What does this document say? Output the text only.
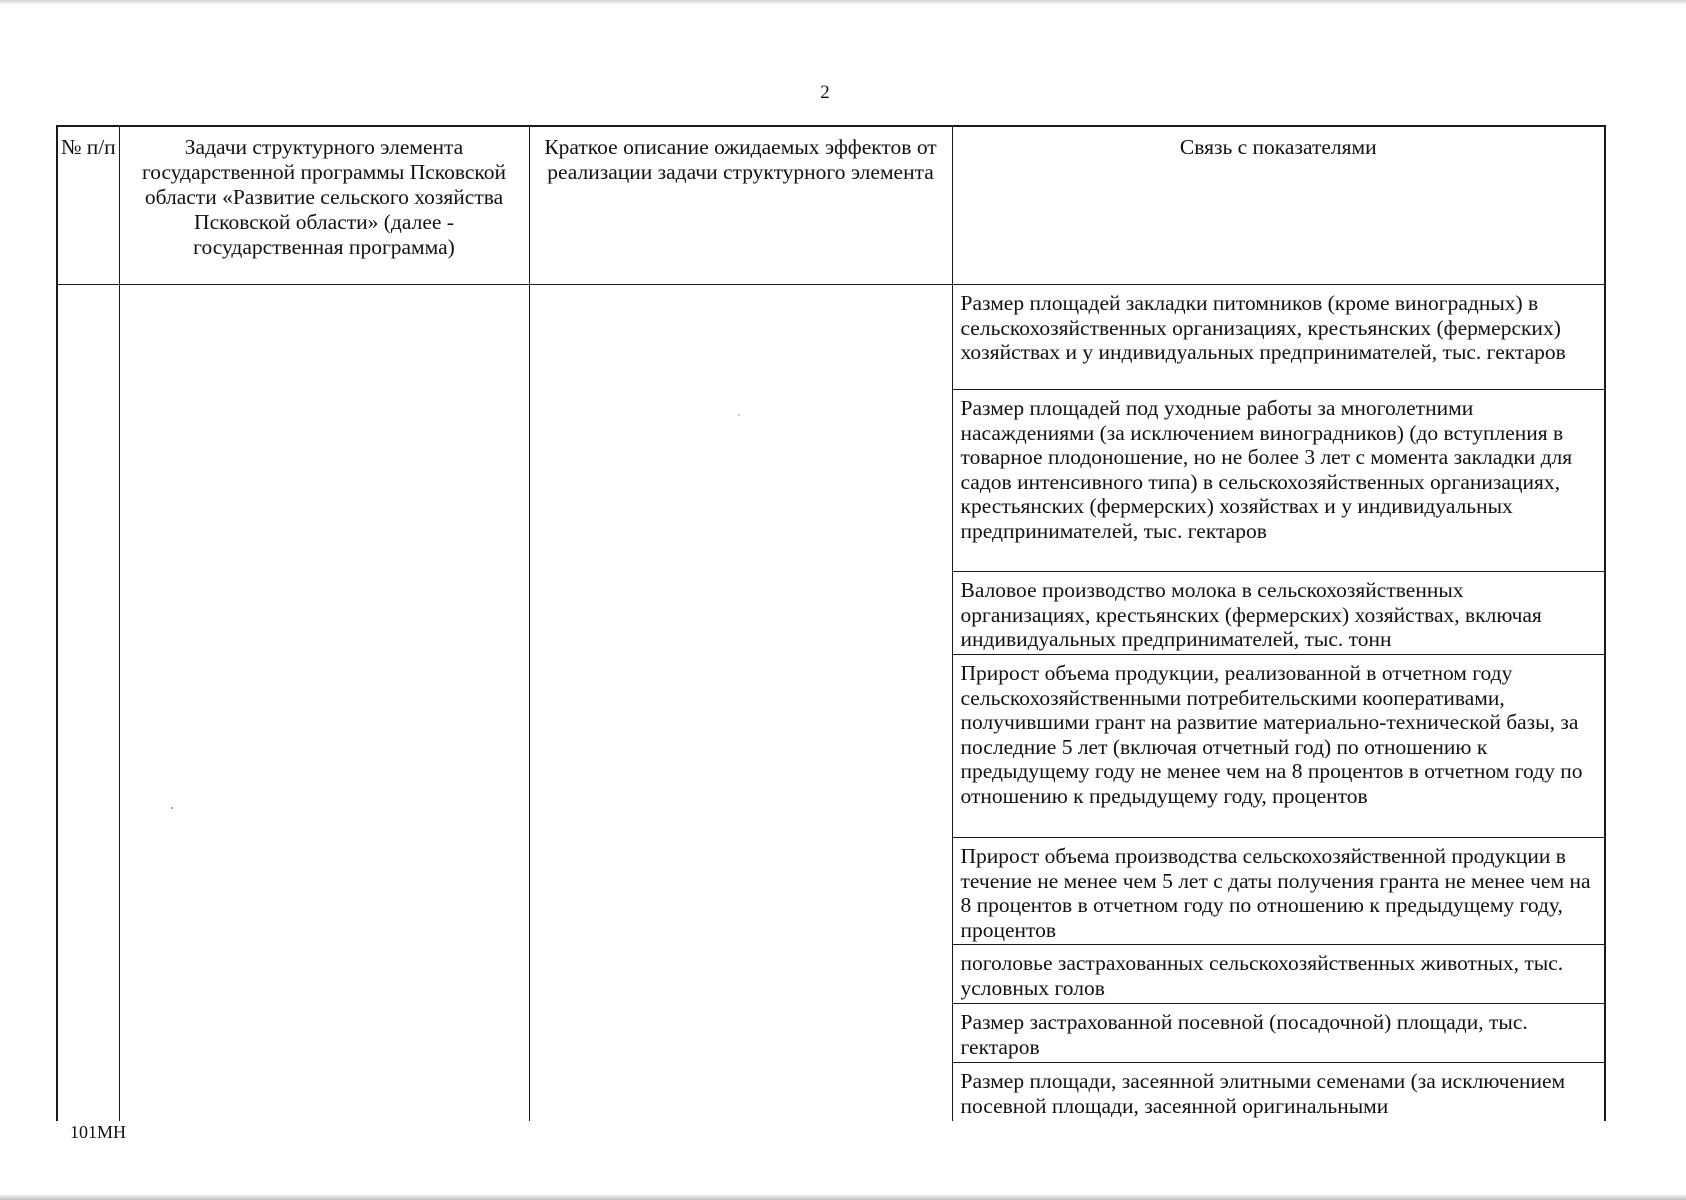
2
№ п/п	Задачи структурного элемента государственной программы Псковской области «Развитие сельского хозяйства Псковской области» (далее - государственная программа)	Краткое описание ожидаемых эффектов от реализации задачи структурного элемента	Связь с показателями
			Размер площадей закладки питомников (кроме виноградных) в сельскохозяйственных организациях, крестьянских (фермерских) хозяйствах и у индивидуальных предпринимателей, тыс. гектаров
			Размер площадей под уходные работы за многолетними насаждениями (за исключением виноградников) (до вступления в товарное плодоношение, но не более 3 лет с момента закладки для садов интенсивного типа) в сельскохозяйственных организациях, крестьянских (фермерских) хозяйствах и у индивидуальных предпринимателей, тыс. гектаров
			Валовое производство молока в сельскохозяйственных организациях, крестьянских (фермерских) хозяйствах, включая индивидуальных предпринимателей, тыс. тонн
			Прирост объема продукции, реализованной в отчетном году сельскохозяйственными потребительскими кооперативами, получившими грант на развитие материально-технической базы, за последние 5 лет (включая отчетный год) по отношению к предыдущему году не менее чем на 8 процентов в отчетном году по отношению к предыдущему году, процентов
			Прирост объема производства сельскохозяйственной продукции в течение не менее чем 5 лет с даты получения гранта не менее чем на 8 процентов в отчетном году по отношению к предыдущему году, процентов
			поголовье застрахованных сельскохозяйственных животных, тыс. условных голов
			Размер застрахованной посевной (посадочной) площади, тыс. гектаров
			Размер площади, засеянной элитными семенами (за исключением посевной площади, засеянной оригинальными
101MH
